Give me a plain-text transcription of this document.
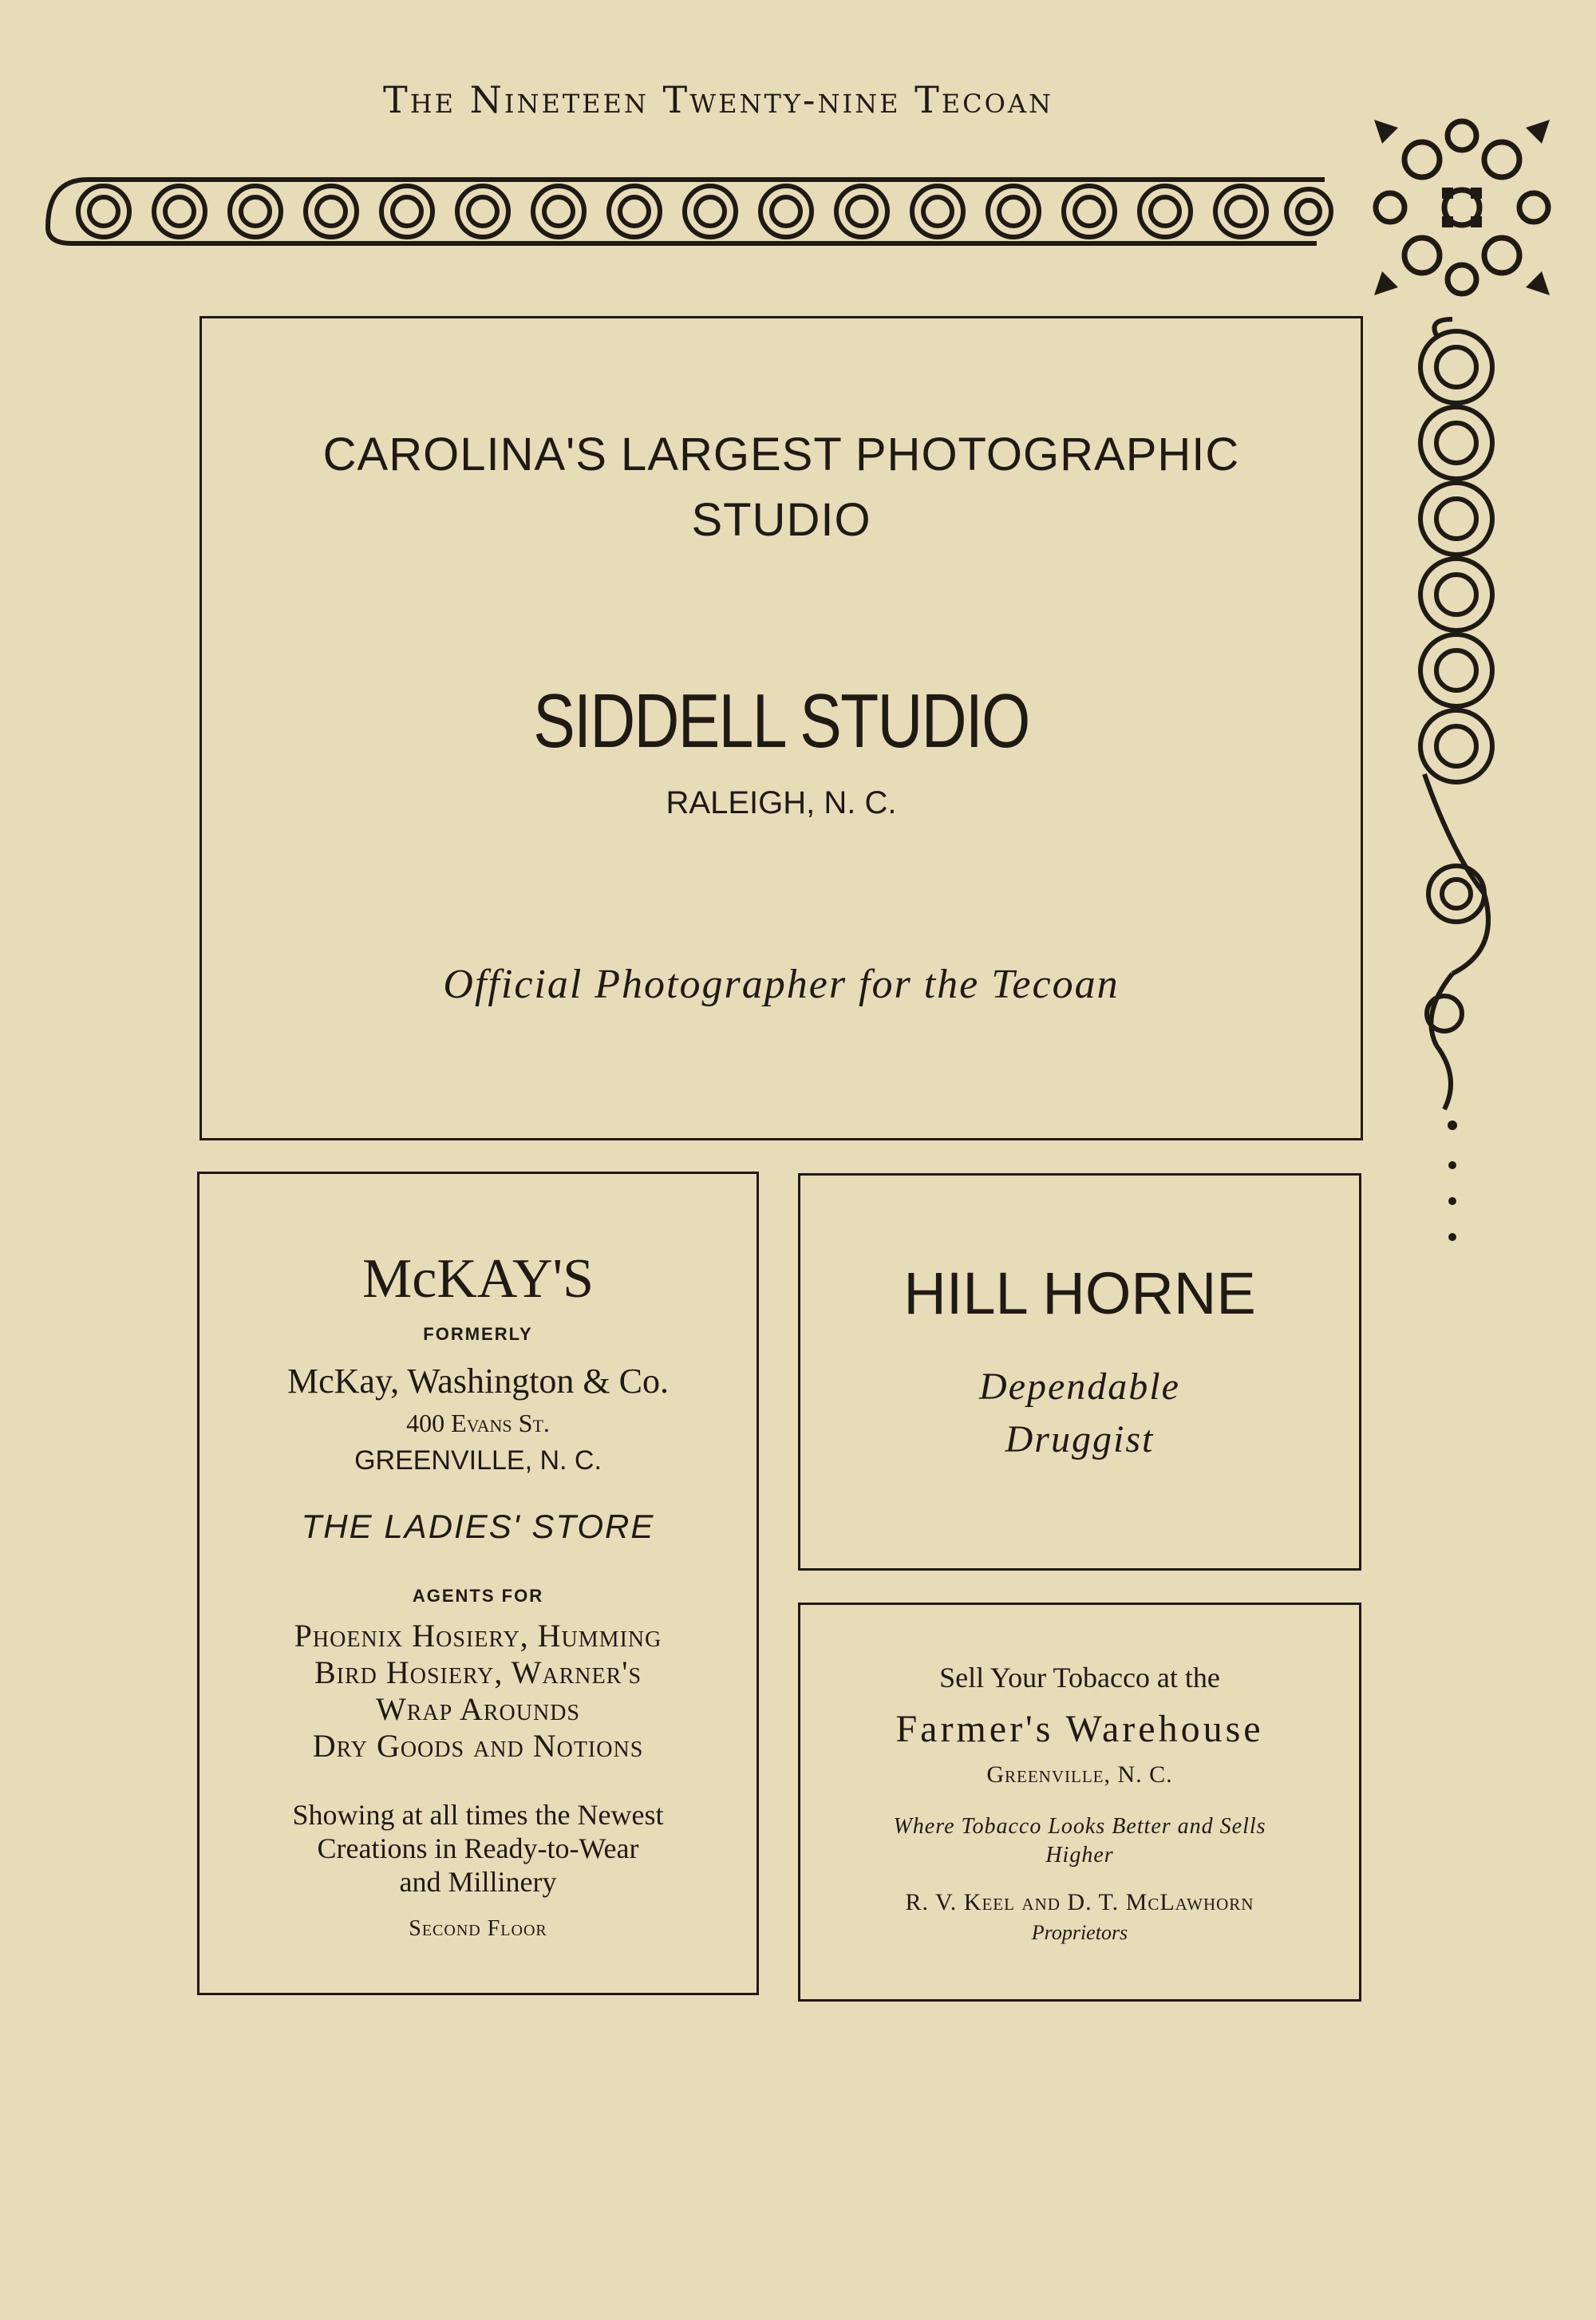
The Nineteen Twenty-nine Tecoan
CAROLINA'S LARGEST PHOTOGRAPHIC
STUDIO
SIDDELL STUDIO
RALEIGH, N. C.
Official Photographer for the Tecoan
McKAY'S
FORMERLY
McKay, Washington & Co.
400 Evans St.
GREENVILLE, N. C.
THE LADIES' STORE
AGENTS FOR
Phoenix Hosiery, Humming
Bird Hosiery, Warner's
Wrap Arounds
Dry Goods and Notions
Showing at all times the Newest
Creations in Ready-to-Wear
and Millinery
Second Floor
HILL HORNE
Dependable
Druggist
Sell Your Tobacco at the
Farmer's Warehouse
Greenville, N. C.
Where Tobacco Looks Better and Sells
Higher
R. V. Keel and D. T. McLawhorn
Proprietors
